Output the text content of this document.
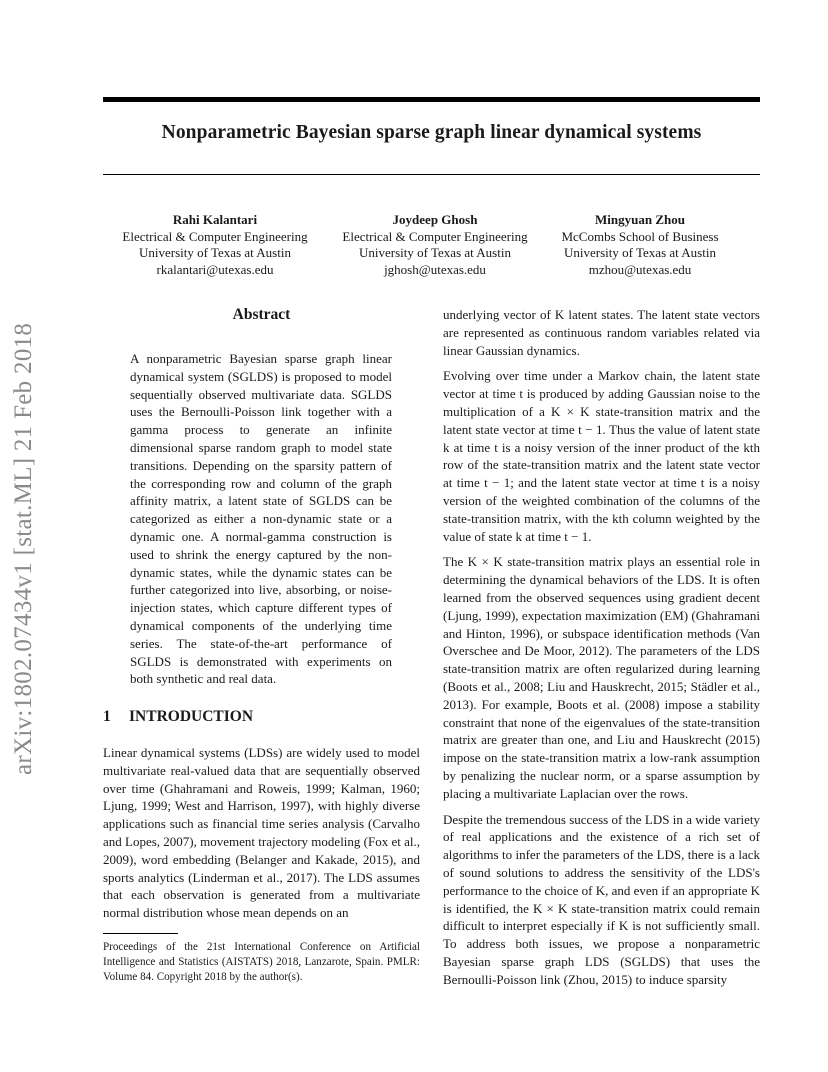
Nonparametric Bayesian sparse graph linear dynamical systems
Rahi Kalantari
Electrical & Computer Engineering
University of Texas at Austin
rkalantari@utexas.edu
Joydeep Ghosh
Electrical & Computer Engineering
University of Texas at Austin
jghosh@utexas.edu
Mingyuan Zhou
McCombs School of Business
University of Texas at Austin
mzhou@utexas.edu
arXiv:1802.07434v1 [stat.ML] 21 Feb 2018
Abstract

A nonparametric Bayesian sparse graph linear dynamical system (SGLDS) is proposed to model sequentially observed multivariate data. SGLDS uses the Bernoulli-Poisson link together with a gamma process to generate an infinite dimensional sparse random graph to model state transitions. Depending on the sparsity pattern of the corresponding row and column of the graph affinity matrix, a latent state of SGLDS can be categorized as either a non-dynamic state or a dynamic one. A normal-gamma construction is used to shrink the energy captured by the non-dynamic states, while the dynamic states can be further categorized into live, absorbing, or noise-injection states, which capture different types of dynamical components of the underlying time series. The state-of-the-art performance of SGLDS is demonstrated with experiments on both synthetic and real data.

1 INTRODUCTION

Linear dynamical systems (LDSs) are widely used to model multivariate real-valued data that are sequentially observed over time (Ghahramani and Roweis, 1999; Kalman, 1960; Ljung, 1999; West and Harrison, 1997), with highly diverse applications such as financial time series analysis (Carvalho and Lopes, 2007), movement trajectory modeling (Fox et al., 2009), word embedding (Belanger and Kakade, 2015), and sports analytics (Linderman et al., 2017). The LDS assumes that each observation is generated from a multivariate normal distribution whose mean depends on an

Proceedings of the 21st International Conference on Artificial Intelligence and Statistics (AISTATS) 2018, Lanzarote, Spain. PMLR: Volume 84. Copyright 2018 by the author(s).

underlying vector of K latent states. The latent state vectors are represented as continuous random variables related via linear Gaussian dynamics.

Evolving over time under a Markov chain, the latent state vector at time t is produced by adding Gaussian noise to the multiplication of a K × K state-transition matrix and the latent state vector at time t − 1. Thus the value of latent state k at time t is a noisy version of the inner product of the kth row of the state-transition matrix and the latent state vector at time t − 1; and the latent state vector at time t is a noisy version of the weighted combination of the columns of the state-transition matrix, with the kth column weighted by the value of state k at time t − 1.

The K × K state-transition matrix plays an essential role in determining the dynamical behaviors of the LDS. It is often learned from the observed sequences using gradient decent (Ljung, 1999), expectation maximization (EM) (Ghahramani and Hinton, 1996), or subspace identification methods (Van Overschee and De Moor, 2012). The parameters of the LDS state-transition matrix are often regularized during learning (Boots et al., 2008; Liu and Hauskrecht, 2015; Städler et al., 2013). For example, Boots et al. (2008) impose a stability constraint that none of the eigenvalues of the state-transition matrix are greater than one, and Liu and Hauskrecht (2015) impose on the state-transition matrix a low-rank assumption by penalizing the nuclear norm, or a sparse assumption by placing a multivariate Laplacian over the rows.

Despite the tremendous success of the LDS in a wide variety of real applications and the existence of a rich set of algorithms to infer the parameters of the LDS, there is a lack of sound solutions to address the sensitivity of the LDS's performance to the choice of K, and even if an appropriate K is identified, the K × K state-transition matrix could remain difficult to interpret especially if K is not sufficiently small. To address both issues, we propose a nonparametric Bayesian sparse graph LDS (SGLDS) that uses the Bernoulli-Poisson link (Zhou, 2015) to induce sparsity
